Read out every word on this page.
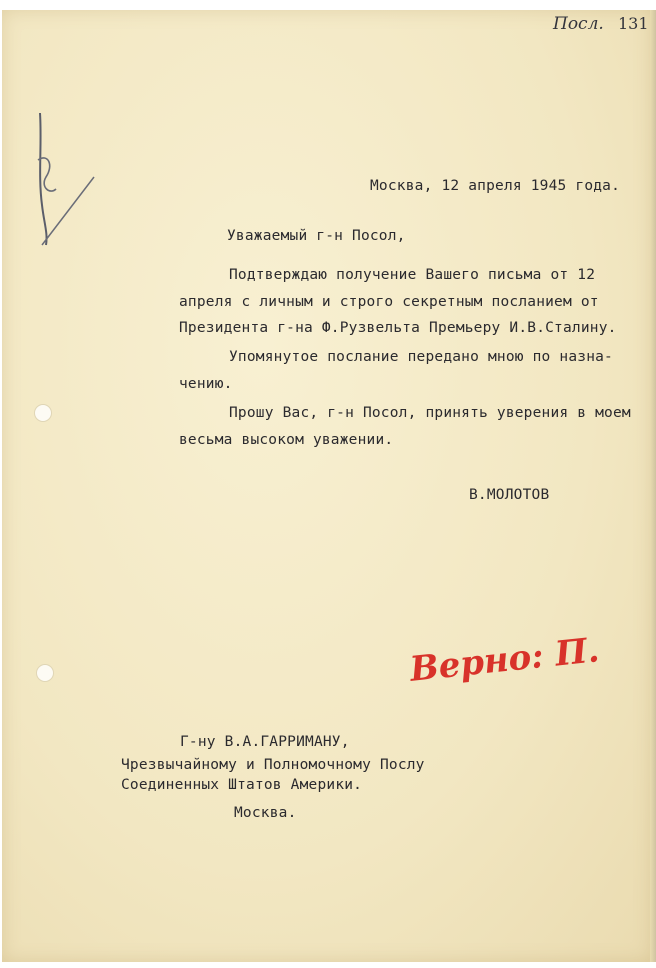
Посл. 131
Москва, 12 апреля 1945 года.
Уважаемый г-н Посол,
Подтверждаю получение Вашего письма от 12
апреля с личным и строго секретным посланием от
Президента г-на Ф.Рузвельта Премьеру И.В.Сталину.
Упомянутое послание передано мною по назна-
чению.
Прошу Вас, г-н Посол, принять уверения в моем
весьма высоком уважении.
В.МОЛОТОВ
Верно: П.
Г-ну В.А.ГАРРИМАНУ,
Чрезвычайному и Полномочному Послу
Соединенных Штатов Америки.
Москва.
